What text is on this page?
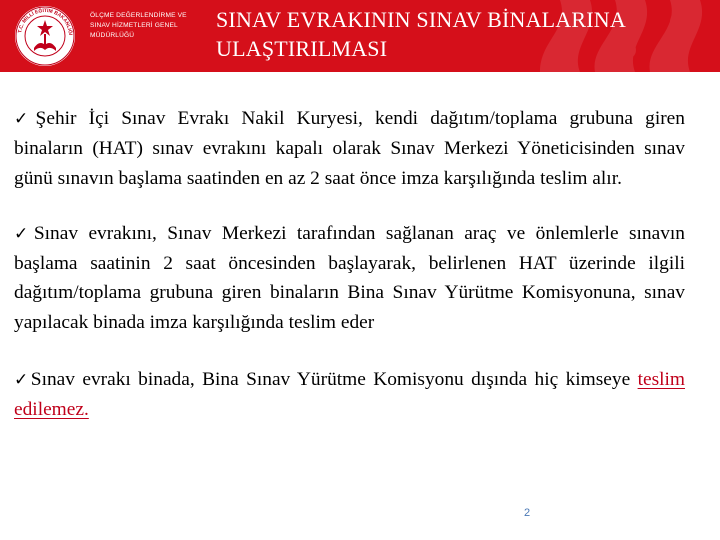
T.C. MİLLİ EĞİTİM BAKANLIĞI
ÖLÇME DEĞERLENDİRME VE
SINAV HİZMETLERİ GENEL
MÜDÜRLÜĞÜ
SINAV EVRAKININ SINAV BİNALARINA
ULAŞTIRILMASI

✓Şehir İçi Sınav Evrakı Nakil Kuryesi, kendi dağıtım/toplama grubuna giren binaların (HAT) sınav evrakını kapalı olarak Sınav Merkezi Yöneticisinden sınav günü sınavın başlama saatinden en az 2 saat önce imza karşılığında teslim alır.

✓Sınav evrakını, Sınav Merkezi tarafından sağlanan araç ve önlemlerle sınavın başlama saatinin 2 saat öncesinden başlayarak, belirlenen HAT üzerinde ilgili dağıtım/toplama grubuna giren binaların Bina Sınav Yürütme Komisyonuna, sınav yapılacak binada imza karşılığında teslim eder

✓Sınav evrakı binada, Bina Sınav Yürütme Komisyonu dışında hiç kimseye teslim edilemez.

2
